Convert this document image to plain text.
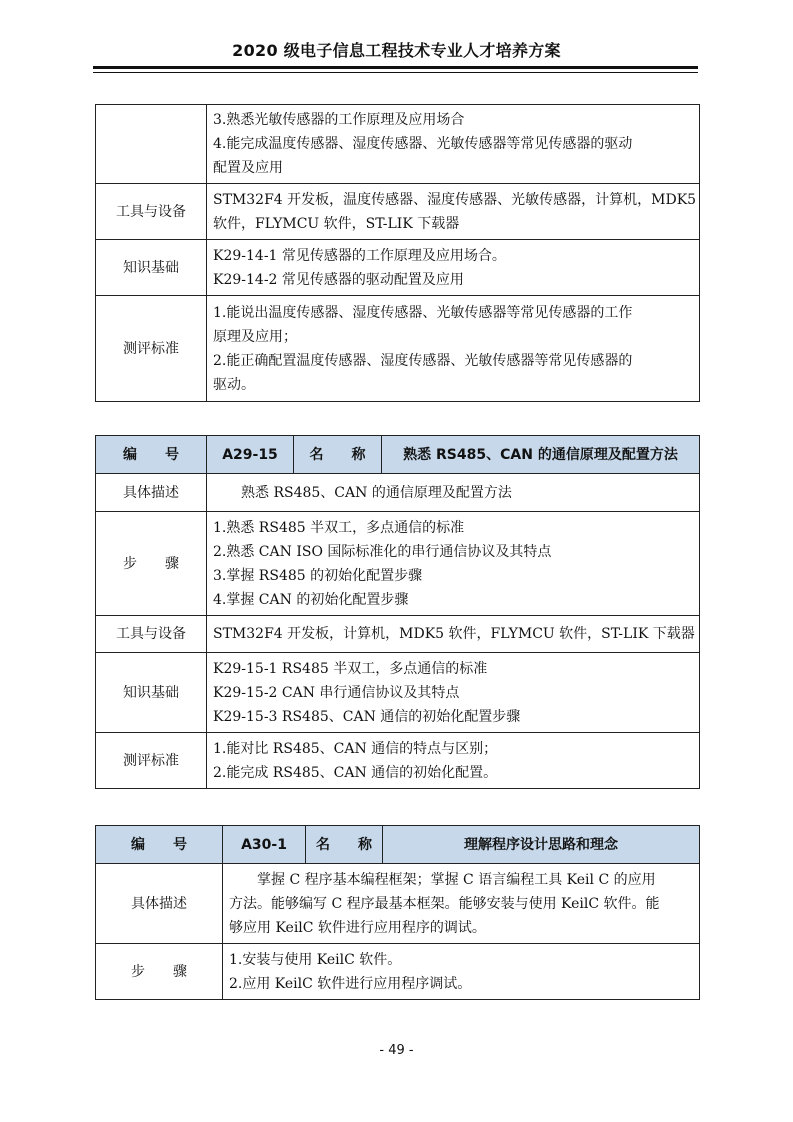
2020 级电子信息工程技术专业人才培养方案

	3.熟悉光敏传感器的工作原理及应用场合
4.能完成温度传感器、湿度传感器、光敏传感器等常见传感器的驱动
配置及应用

工具与设备	STM32F4 开发板，温度传感器、湿度传感器、光敏传感器，计算机，MDK5
软件，FLYMCU 软件，ST-LIK 下载器

知识基础	K29-14-1 常见传感器的工作原理及应用场合。
K29-14-2 常见传感器的驱动配置及应用

测评标准	1.能说出温度传感器、湿度传感器、光敏传感器等常见传感器的工作
原理及应用；
2.能正确配置温度传感器、湿度传感器、光敏传感器等常见传感器的
驱动。
编　　号	A29-15	名　　称	熟悉 RS485、CAN 的通信原理及配置方法
具体描述	熟悉 RS485、CAN 的通信原理及配置方法		

步　　骤	1.熟悉 RS485 半双工，多点通信的标准
2.熟悉 CAN ISO 国际标准化的串行通信协议及其特点
3.掌握 RS485 的初始化配置步骤
4.掌握 CAN 的初始化配置步骤		

工具与设备	STM32F4 开发板，计算机，MDK5 软件，FLYMCU 软件，ST-LIK 下载器		

知识基础	K29-15-1 RS485 半双工，多点通信的标准
K29-15-2 CAN 串行通信协议及其特点
K29-15-3 RS485、CAN 通信的初始化配置步骤		

测评标准	1.能对比 RS485、CAN 通信的特点与区别；
2.能完成 RS485、CAN 通信的初始化配置。		
编　　号	A30-1	名　　称	理解程序设计思路和理念
具体描述	掌握 C 程序基本编程框架；掌握 C 语言编程工具 Keil C 的应用
方法。能够编写 C 程序最基本框架。能够安装与使用 KeilC 软件。能
够应用 KeilC 软件进行应用程序的调试。		

步　　骤	1.安装与使用 KeilC 软件。
2.应用 KeilC 软件进行应用程序调试。		
- 49 -
